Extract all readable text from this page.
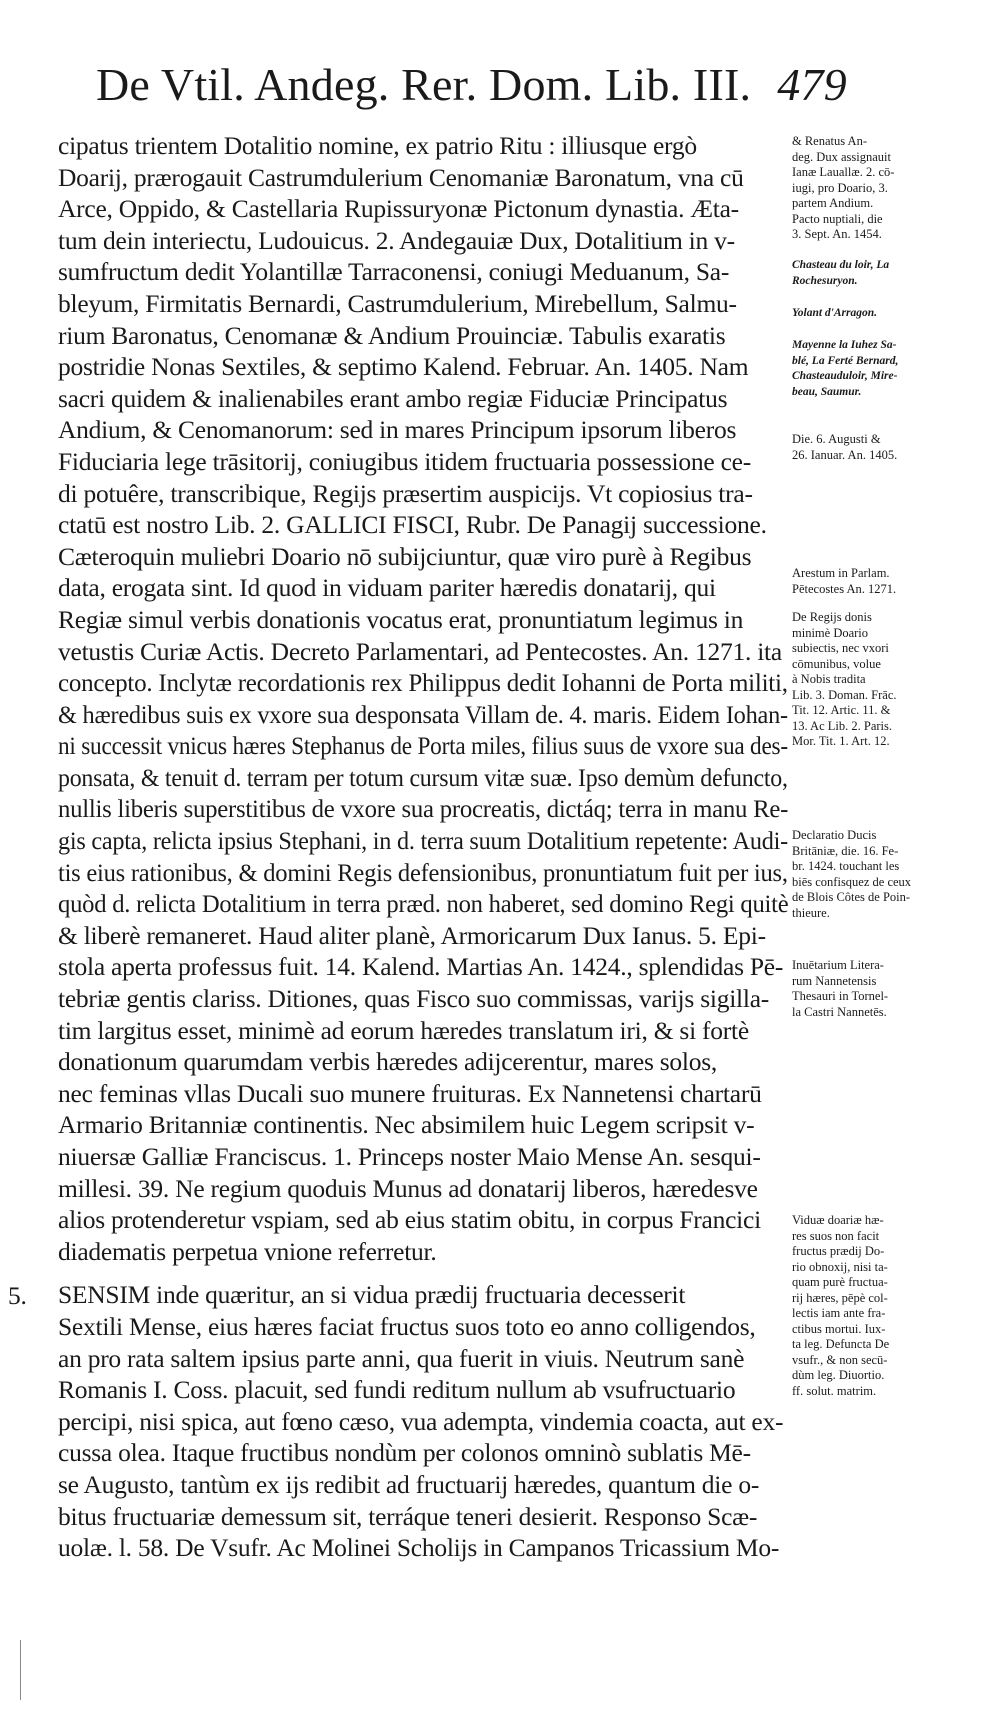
De Vtil. Andeg. Rer. Dom. Lib. III. 479
cipatus trientem Dotalitio nomine, ex patrio Ritu : illiusque ergò
Doarij, prærogauit Castrumdulerium Cenomaniæ Baronatum, vna cū
Arce, Oppido, & Castellaria Rupissuryonæ Pictonum dynastia. Æta-
tum dein interiectu, Ludouicus. 2. Andegauiæ Dux, Dotalitium in v-
sumfructum dedit Yolantillæ Tarraconensi, coniugi Meduanum, Sa-
bleyum, Firmitatis Bernardi, Castrumdulerium, Mirebellum, Salmu-
rium Baronatus, Cenomanæ & Andium Prouinciæ. Tabulis exaratis
postridie Nonas Sextiles, & septimo Kalend. Februar. An. 1405. Nam
sacri quidem & inalienabiles erant ambo regiæ Fiduciæ Principatus
Andium, & Cenomanorum: sed in mares Principum ipsorum liberos
Fiduciaria lege trāsitorij, coniugibus itidem fructuaria possessione ce-
di potuêre, transcribique, Regijs præsertim auspicijs. Vt copiosius tra-
ctatū est nostro Lib. 2. GALLICI FISCI, Rubr. De Panagij successione.
Cæteroquin muliebri Doario nō subijciuntur, quæ viro purè à Regibus
data, erogata sint. Id quod in viduam pariter hæredis donatarij, qui
Regiæ simul verbis donationis vocatus erat, pronuntiatum legimus in
vetustis Curiæ Actis. Decreto Parlamentari, ad Pentecostes. An. 1271. ita
concepto. Inclytæ recordationis rex Philippus dedit Iohanni de Porta militi,
& hæredibus suis ex vxore sua desponsata Villam de. 4. maris. Eidem Iohan-
ni successit vnicus hæres Stephanus de Porta miles, filius suus de vxore sua des-
ponsata, & tenuit d. terram per totum cursum vitæ suæ. Ipso demùm defuncto,
nullis liberis superstitibus de vxore sua procreatis, dictáq; terra in manu Re-
gis capta, relicta ipsius Stephani, in d. terra suum Dotalitium repetente: Audi-
tis eius rationibus, & domini Regis defensionibus, pronuntiatum fuit per ius,
quòd d. relicta Dotalitium in terra præd. non haberet, sed domino Regi quitè
& liberè remaneret. Haud aliter planè, Armoricarum Dux Ianus. 5. Epi-
stola aperta professus fuit. 14. Kalend. Martias An. 1424., splendidas Pē-
tebriæ gentis clariss. Ditiones, quas Fisco suo commissas, varijs sigilla-
tim largitus esset, minimè ad eorum hæredes translatum iri, & si fortè
donationum quarumdam verbis hæredes adijcerentur, mares solos,
nec feminas vllas Ducali suo munere fruituras. Ex Nannetensi chartarū
Armario Britanniæ continentis. Nec absimilem huic Legem scripsit v-
niuersæ Galliæ Franciscus. 1. Princeps noster Maio Mense An. sesqui-
millesi. 39. Ne regium quoduis Munus ad donatarij liberos, hæredesve
alios protenderetur vspiam, sed ab eius statim obitu, in corpus Francici
diadematis perpetua vnione referretur.
SENSIM inde quæritur, an si vidua prædij fructuaria decesserit
Sextili Mense, eius hæres faciat fructus suos toto eo anno colligendos,
an pro rata saltem ipsius parte anni, qua fuerit in viuis. Neutrum sanè
Romanis I. Coss. placuit, sed fundi reditum nullum ab vsufructuario
percipi, nisi spica, aut fœno cæso, vua adempta, vindemia coacta, aut ex-
cussa olea. Itaque fructibus nondùm per colonos omninò sublatis Mē-
se Augusto, tantùm ex ijs redibit ad fructuarij hæredes, quantum die o-
bitus fructuariæ demessum sit, terráque teneri desierit. Responso Scæ-
uolæ. l. 58. De Vsufr. Ac Molinei Scholijs in Campanos Tricassium Mo-
5.
& Renatus An-
deg. Dux assignauit
Ianæ Lauallæ. 2. cō-
iugi, pro Doario, 3.
partem Andium.
Pacto nuptiali, die
3. Sept. An. 1454.
Chasteau du loir, La
Rochesuryon.
Yolant d'Arragon.
Mayenne la Iuhez Sa-
blé, La Ferté Bernard,
Chasteaudulоir, Mire-
beau, Saumur.
Die. 6. Augusti &
26. Ianuar. An. 1405.
Arestum in Parlam.
Pētecostes An. 1271.
De Regijs donis
minimè Doario
subiectis, nec vxori
cōmunibus, volue
à Nobis tradita
Lib. 3. Doman. Frāc.
Tit. 12. Artic. 11. &
13. Ac Lib. 2. Paris.
Mor. Tit. 1. Art. 12.
Declaratio Ducis
Britāniæ, die. 16. Fe-
br. 1424. touchant les
biēs confisquez de ceux
de Blois Côtes de Poin-
thieure.
Inuētarium Litera-
rum Nannetensis
Thesauri in Tornel-
la Castri Nannetēs.
Viduæ doariæ hæ-
res suos non facit
fructus prædij Do-
rio obnoxij, nisi ta-
quam purè fructua-
rij hæres, pēpè col-
lectis iam ante fra-
ctibus mortui. Iux-
ta leg. Defuncta De
vsufr., & non secū-
dùm leg. Diuortio.
ff. solut. matrim.
